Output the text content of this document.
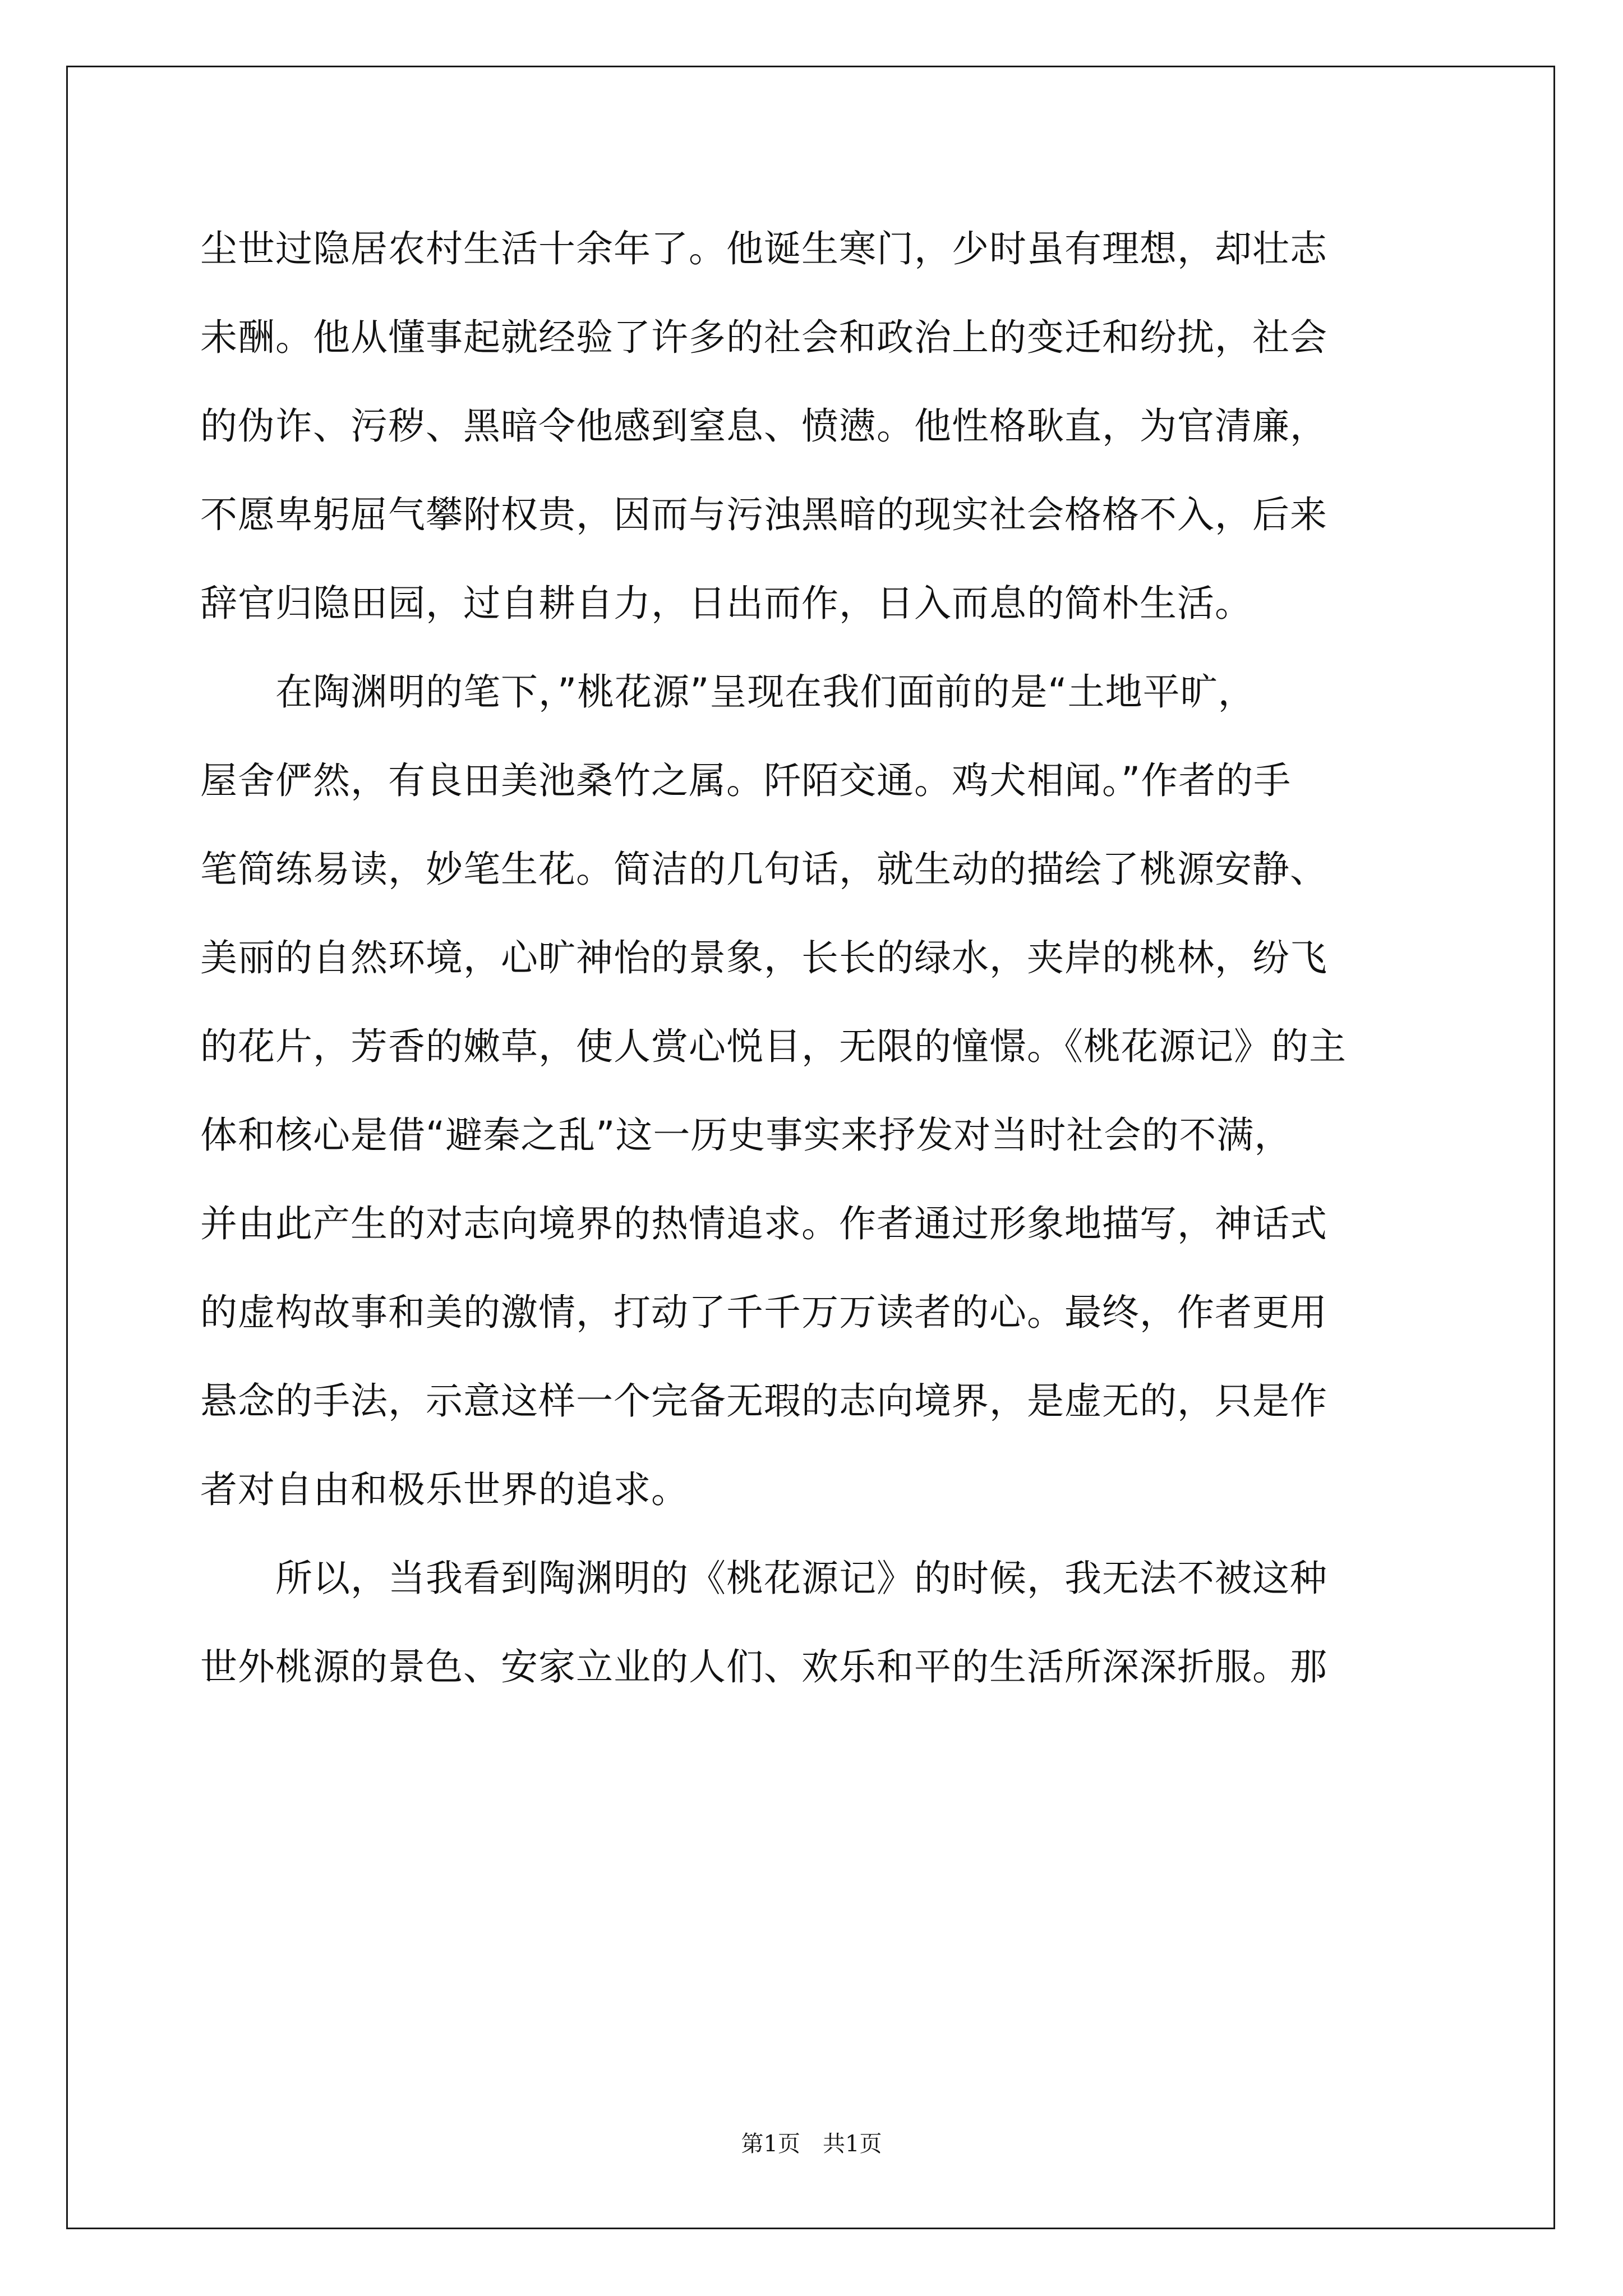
尘世过隐居农村生活十余年了。他诞生寒门，少时虽有理想，却壮志
未酬。他从懂事起就经验了许多的社会和政治上的变迁和纷扰，社会
的伪诈、污秽、黑暗令他感到窒息、愤懑。他性格耿直，为官清廉，
不愿卑躬屈气攀附权贵，因而与污浊黑暗的现实社会格格不入，后来
辞官归隐田园，过自耕自力，日出而作，日入而息的简朴生活。
　　在陶渊明的笔下，”桃花源”呈现在我们面前的是“土地平旷，
屋舍俨然，有良田美池桑竹之属。阡陌交通。鸡犬相闻。”作者的手
笔简练易读，妙笔生花。简洁的几句话，就生动的描绘了桃源安静、
美丽的自然环境，心旷神怡的景象，长长的绿水，夹岸的桃林，纷飞
的花片，芳香的嫩草，使人赏心悦目，无限的憧憬。《桃花源记》的主
体和核心是借“避秦之乱”这一历史事实来抒发对当时社会的不满，
并由此产生的对志向境界的热情追求。作者通过形象地描写，神话式
的虚构故事和美的激情，打动了千千万万读者的心。最终，作者更用
悬念的手法，示意这样一个完备无瑕的志向境界，是虚无的，只是作
者对自由和极乐世界的追求。
　　所以，当我看到陶渊明的《桃花源记》的时候，我无法不被这种
世外桃源的景色、安家立业的人们、欢乐和平的生活所深深折服。那
第1页　共1页
